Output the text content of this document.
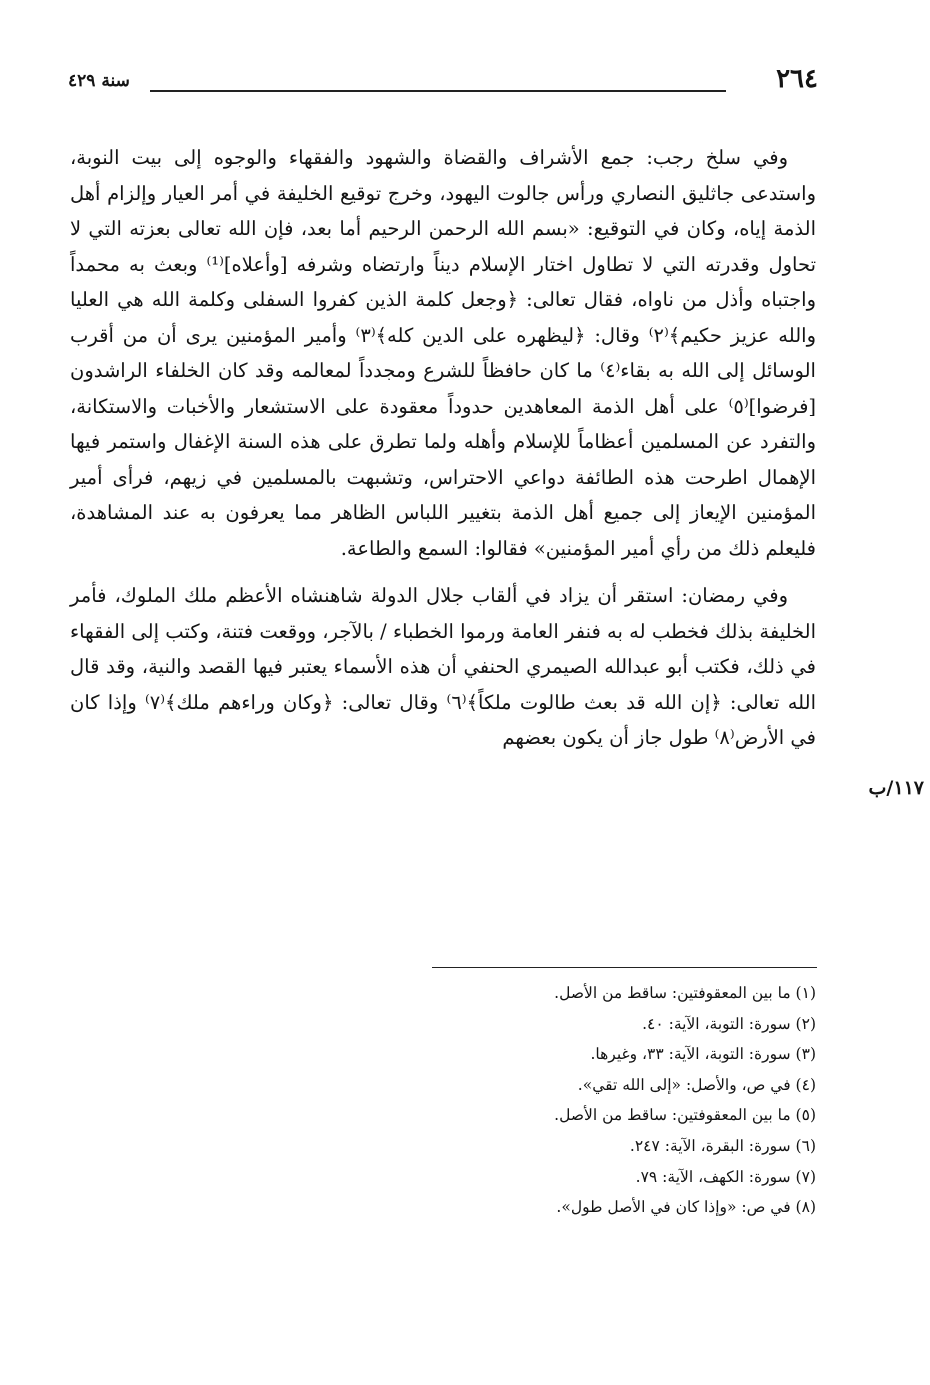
٢٦٤
سنة ٤٢٩

وفي سلخ رجب: جمع الأشراف والقضاة والشهود والفقهاء والوجوه إلى بيت النوبة، واستدعى جاثليق النصاري ورأس جالوت اليهود، وخرج توقيع الخليفة في أمر العيار وإلزام أهل الذمة إياه، وكان في التوقيع: «بسم الله الرحمن الرحيم أما بعد، فإن الله تعالى بعزته التي لا تحاول وقدرته التي لا تطاول اختار الإسلام ديناً وارتضاه وشرفه [وأعلاه]⁽¹⁾ وبعث به محمداً واجتباه وأذل من ناواه، فقال تعالى: ﴿وجعل كلمة الذين كفروا السفلى وكلمة الله هي العليا والله عزيز حكيم﴾⁽٢⁾ وقال: ﴿ليظهره على الدين كله﴾⁽٣⁾ وأمير المؤمنين يرى أن من أقرب الوسائل إلى الله به بقاء⁽٤⁾ ما كان حافظاً للشرع ومجدداً لمعالمه وقد كان الخلفاء الراشدون [فرضوا]⁽٥⁾ على أهل الذمة المعاهدين حدوداً معقودة على الاستشعار والأخبات والاستكانة، والتفرد عن المسلمين أعظاماً للإسلام وأهله ولما تطرق على هذه السنة الإغفال واستمر فيها الإهمال اطرحت هذه الطائفة دواعي الاحتراس، وتشبهت بالمسلمين في زيهم، فرأى أمير المؤمنين الإيعاز إلى جميع أهل الذمة بتغيير اللباس الظاهر مما يعرفون به عند المشاهدة، فليعلم ذلك من رأي أمير المؤمنين» فقالوا: السمع والطاعة.

وفي رمضان: استقر أن يزاد في ألقاب جلال الدولة شاهنشاه الأعظم ملك الملوك، فأمر الخليفة بذلك فخطب له به فنفر العامة ورموا الخطباء / بالآجر، ووقعت فتنة، وكتب إلى الفقهاء في ذلك، فكتب أبو عبدالله الصيمري الحنفي أن هذه الأسماء يعتبر فيها القصد والنية، وقد قال الله تعالى: ﴿إن الله قد بعث طالوت ملكاً﴾⁽٦⁾ وقال تعالى: ﴿وكان وراءهم ملك﴾⁽٧⁾ وإذا كان في الأرض⁽٨⁾ طول جاز أن يكون بعضهم

١١٧/ب
(١) ما بين المعقوفتين: ساقط من الأصل.
(٢) سورة: التوبة، الآية: ٤٠.
(٣) سورة: التوبة، الآية: ٣٣، وغيرها.
(٤) في ص، والأصل: «إلى الله تقي».
(٥) ما بين المعقوفتين: ساقط من الأصل.
(٦) سورة: البقرة، الآية: ٢٤٧.
(٧) سورة: الكهف، الآية: ٧٩.
(٨) في ص: «وإذا كان في الأصل طول».
